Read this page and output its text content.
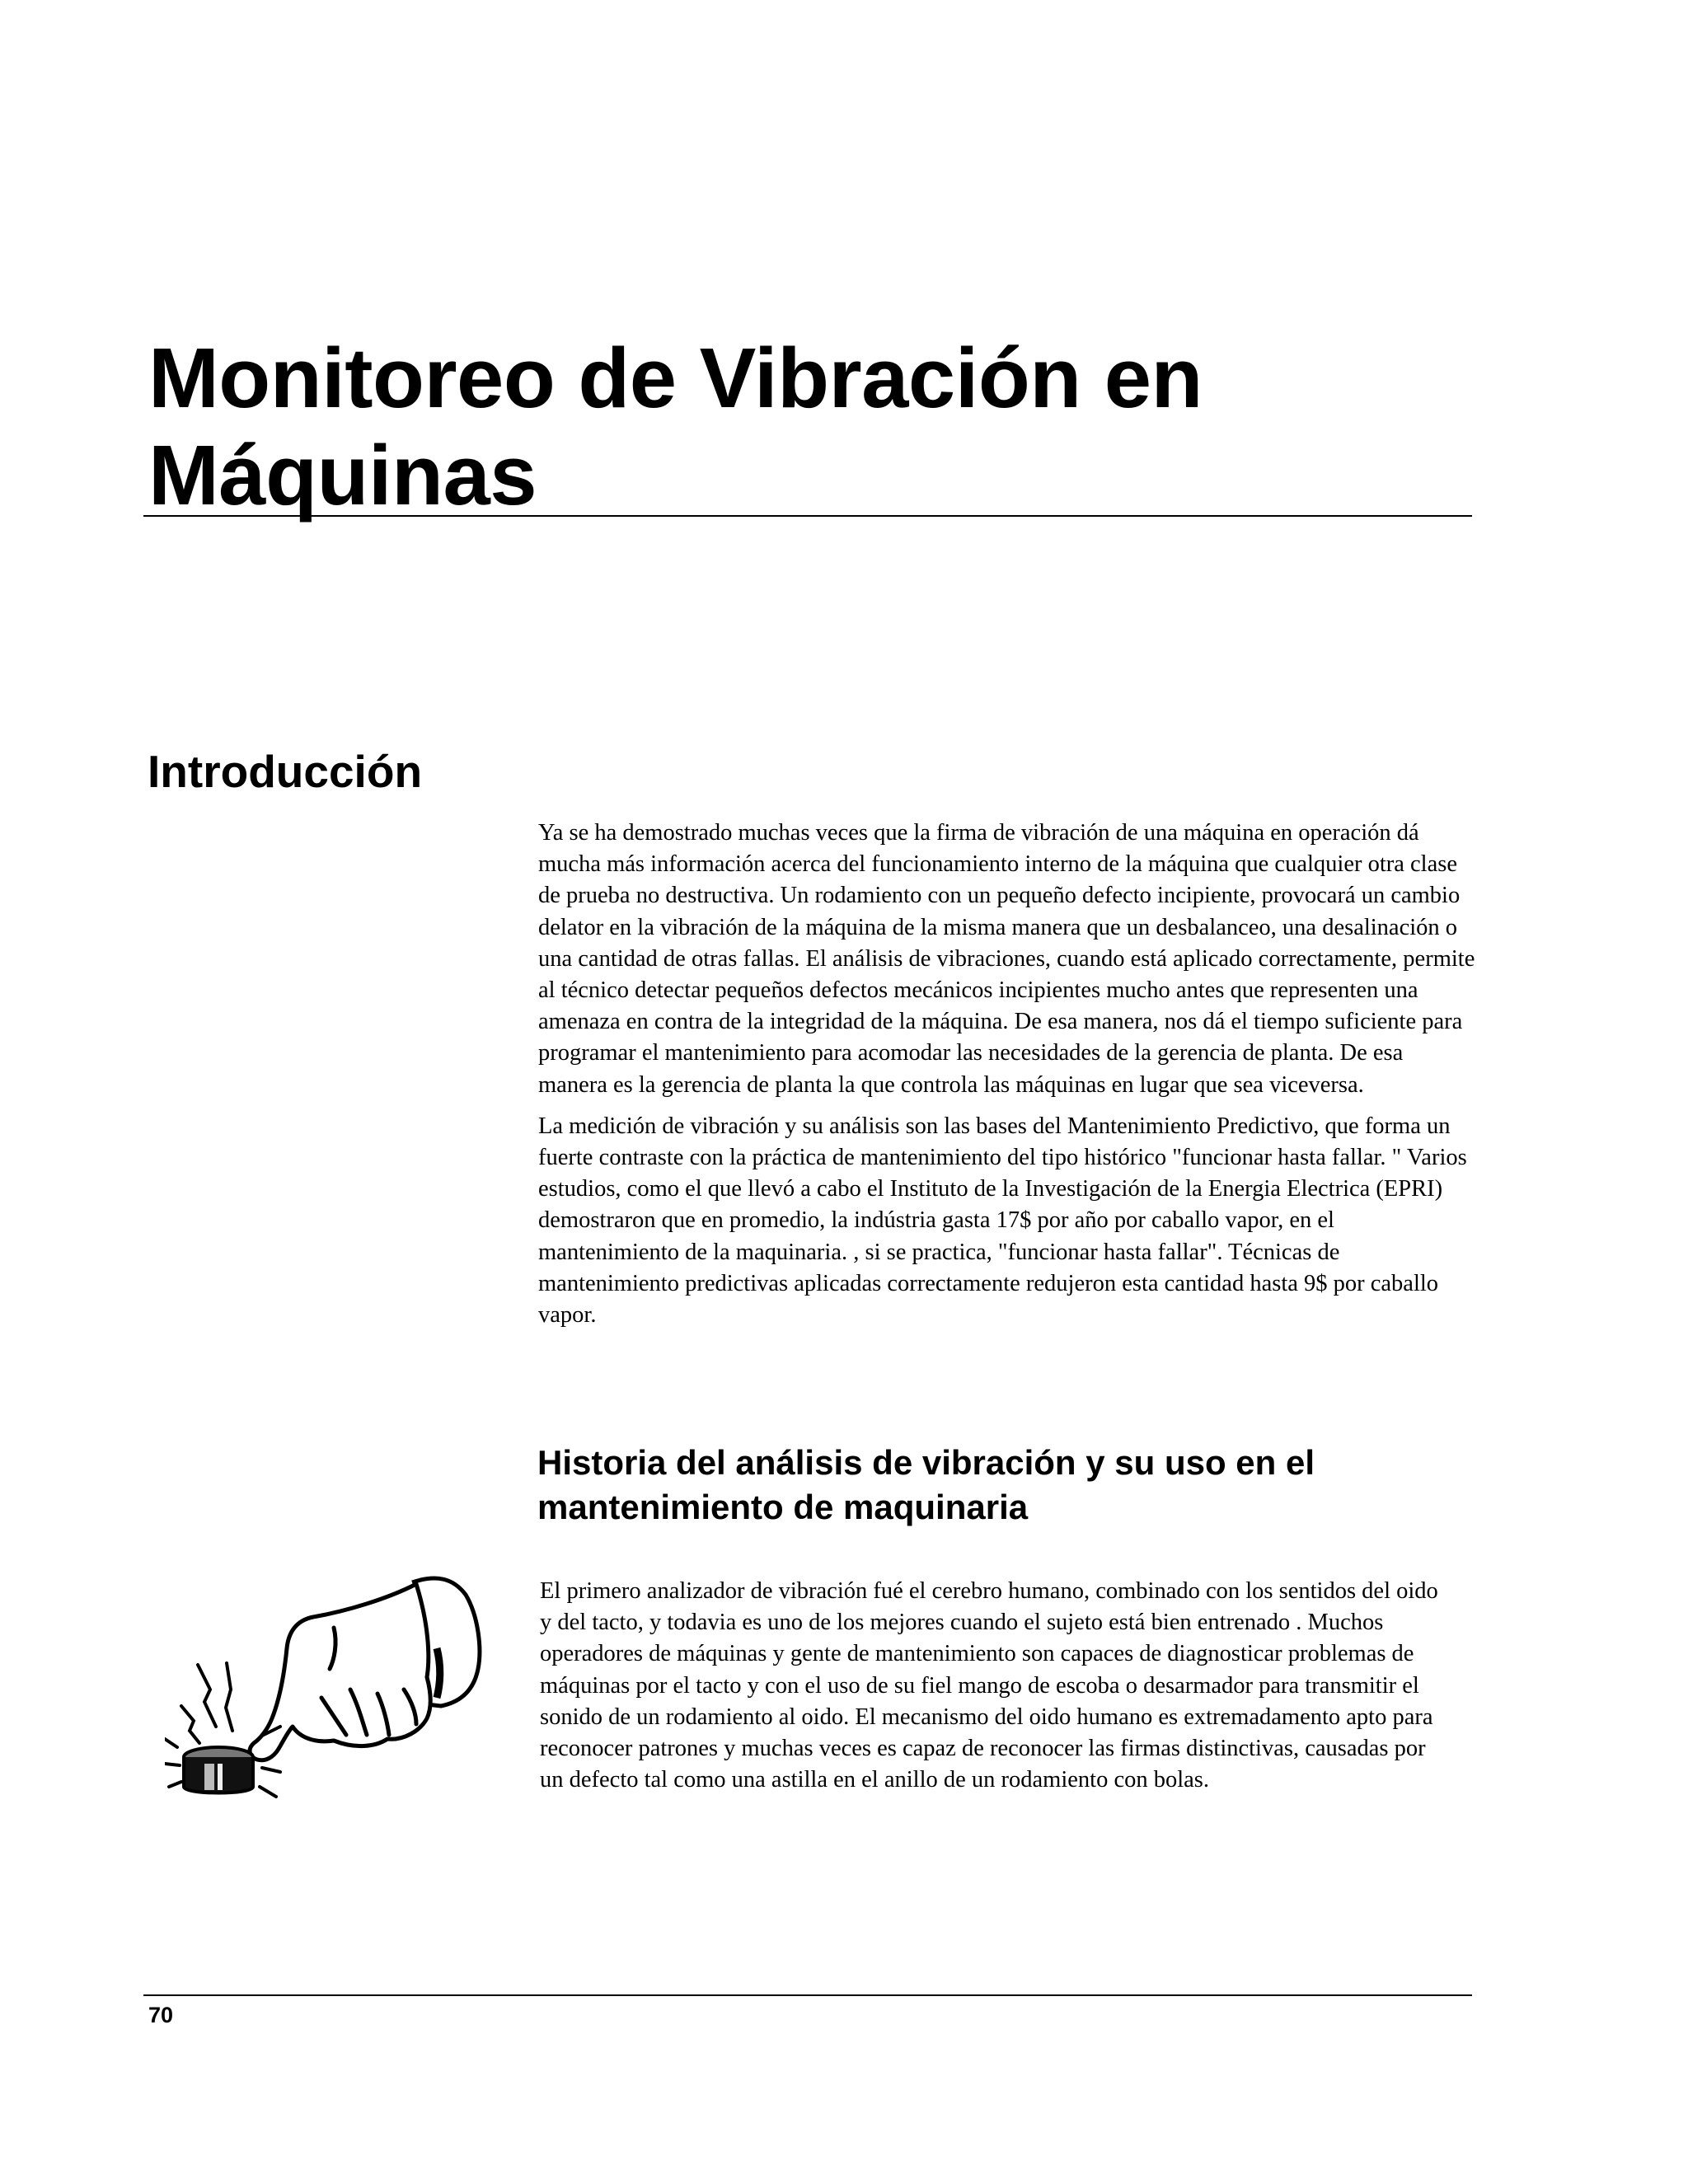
Monitoreo de Vibración en
Máquinas
Introducción

Ya se ha demostrado muchas veces que la firma de vibración de una máquina en operación dá mucha más información acerca del funcionamiento interno de la máquina que cualquier otra clase de prueba no destructiva. Un rodamiento con un pequeño defecto incipiente, provocará un cambio delator en la vibración de la máquina de la misma manera que un desbalanceo, una desalinación o una cantidad de otras fallas. El análisis de vibraciones, cuando está aplicado correctamente, permite al técnico detectar pequeños defectos mecánicos incipientes mucho antes que representen una amenaza en contra de la integridad de la máquina. De esa manera, nos dá el tiempo suficiente para programar el mantenimiento para acomodar las necesidades de la gerencia de planta. De esa manera es la gerencia de planta la que controla las máquinas en lugar que sea viceversa.

La medición de vibración y su análisis son las bases del Mantenimiento Predictivo, que forma un fuerte contraste con la práctica de mantenimiento del tipo histórico "funcionar hasta fallar. " Varios estudios, como el que llevó a cabo el Instituto de la Investigación de la Energia Electrica (EPRI) demostraron que en promedio, la indústria gasta 17$ por año por caballo vapor, en el mantenimiento de la maquinaria. , si se practica, "funcionar hasta fallar". Técnicas de mantenimiento predictivas aplicadas correctamente redujeron esta cantidad hasta 9$ por caballo vapor.

Historia del análisis de vibración y su uso en el
mantenimiento de maquinaria

El primero analizador de vibración fué el cerebro humano, combinado con los sentidos del oido y del tacto, y todavia es uno de los mejores cuando el sujeto está bien entrenado . Muchos operadores de máquinas y gente de mantenimiento son capaces de diagnosticar problemas de máquinas por el tacto y con el uso de su fiel mango de escoba o desarmador para transmitir el sonido de un rodamiento al oido. El mecanismo del oido humano es extremadamento apto para reconocer patrones y muchas veces es capaz de reconocer las firmas distinctivas, causadas por un defecto tal como una astilla en el anillo de un rodamiento con bolas.

70
